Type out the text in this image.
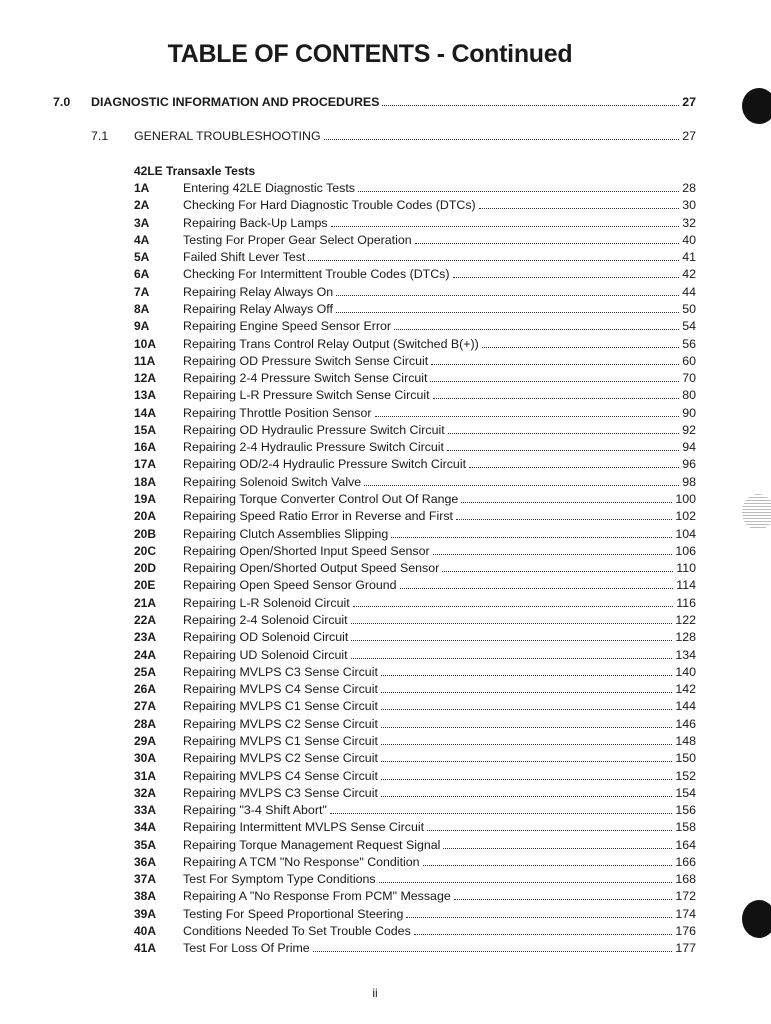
TABLE OF CONTENTS - Continued
7.0	DIAGNOSTIC INFORMATION AND PROCEDURES	27
7.1	GENERAL TROUBLESHOOTING	27
42LE Transaxle Tests
1A	Entering 42LE Diagnostic Tests	28
2A	Checking For Hard Diagnostic Trouble Codes (DTCs)	30
3A	Repairing Back-Up Lamps	32
4A	Testing For Proper Gear Select Operation	40
5A	Failed Shift Lever Test	41
6A	Checking For Intermittent Trouble Codes (DTCs)	42
7A	Repairing Relay Always On	44
8A	Repairing Relay Always Off	50
9A	Repairing Engine Speed Sensor Error	54
10A	Repairing Trans Control Relay Output (Switched B(+))	56
11A	Repairing OD Pressure Switch Sense Circuit	60
12A	Repairing 2-4 Pressure Switch Sense Circuit	70
13A	Repairing L-R Pressure Switch Sense Circuit	80
14A	Repairing Throttle Position Sensor	90
15A	Repairing OD Hydraulic Pressure Switch Circuit	92
16A	Repairing 2-4 Hydraulic Pressure Switch Circuit	94
17A	Repairing OD/2-4 Hydraulic Pressure Switch Circuit	96
18A	Repairing Solenoid Switch Valve	98
19A	Repairing Torque Converter Control Out Of Range	100
20A	Repairing Speed Ratio Error in Reverse and First	102
20B	Repairing Clutch Assemblies Slipping	104
20C	Repairing Open/Shorted Input Speed Sensor	106
20D	Repairing Open/Shorted Output Speed Sensor	110
20E	Repairing Open Speed Sensor Ground	114
21A	Repairing L-R Solenoid Circuit	116
22A	Repairing 2-4 Solenoid Circuit	122
23A	Repairing OD Solenoid Circuit	128
24A	Repairing UD Solenoid Circuit	134
25A	Repairing MVLPS C3 Sense Circuit	140
26A	Repairing MVLPS C4 Sense Circuit	142
27A	Repairing MVLPS C1 Sense Circuit	144
28A	Repairing MVLPS C2 Sense Circuit	146
29A	Repairing MVLPS C1 Sense Circuit	148
30A	Repairing MVLPS C2 Sense Circuit	150
31A	Repairing MVLPS C4 Sense Circuit	152
32A	Repairing MVLPS C3 Sense Circuit	154
33A	Repairing "3-4 Shift Abort"	156
34A	Repairing Intermittent MVLPS Sense Circuit	158
35A	Repairing Torque Management Request Signal	164
36A	Repairing A TCM "No Response" Condition	166
37A	Test For Symptom Type Conditions	168
38A	Repairing A "No Response From PCM" Message	172
39A	Testing For Speed Proportional Steering	174
40A	Conditions Needed To Set Trouble Codes	176
41A	Test For Loss Of Prime	177
ii
